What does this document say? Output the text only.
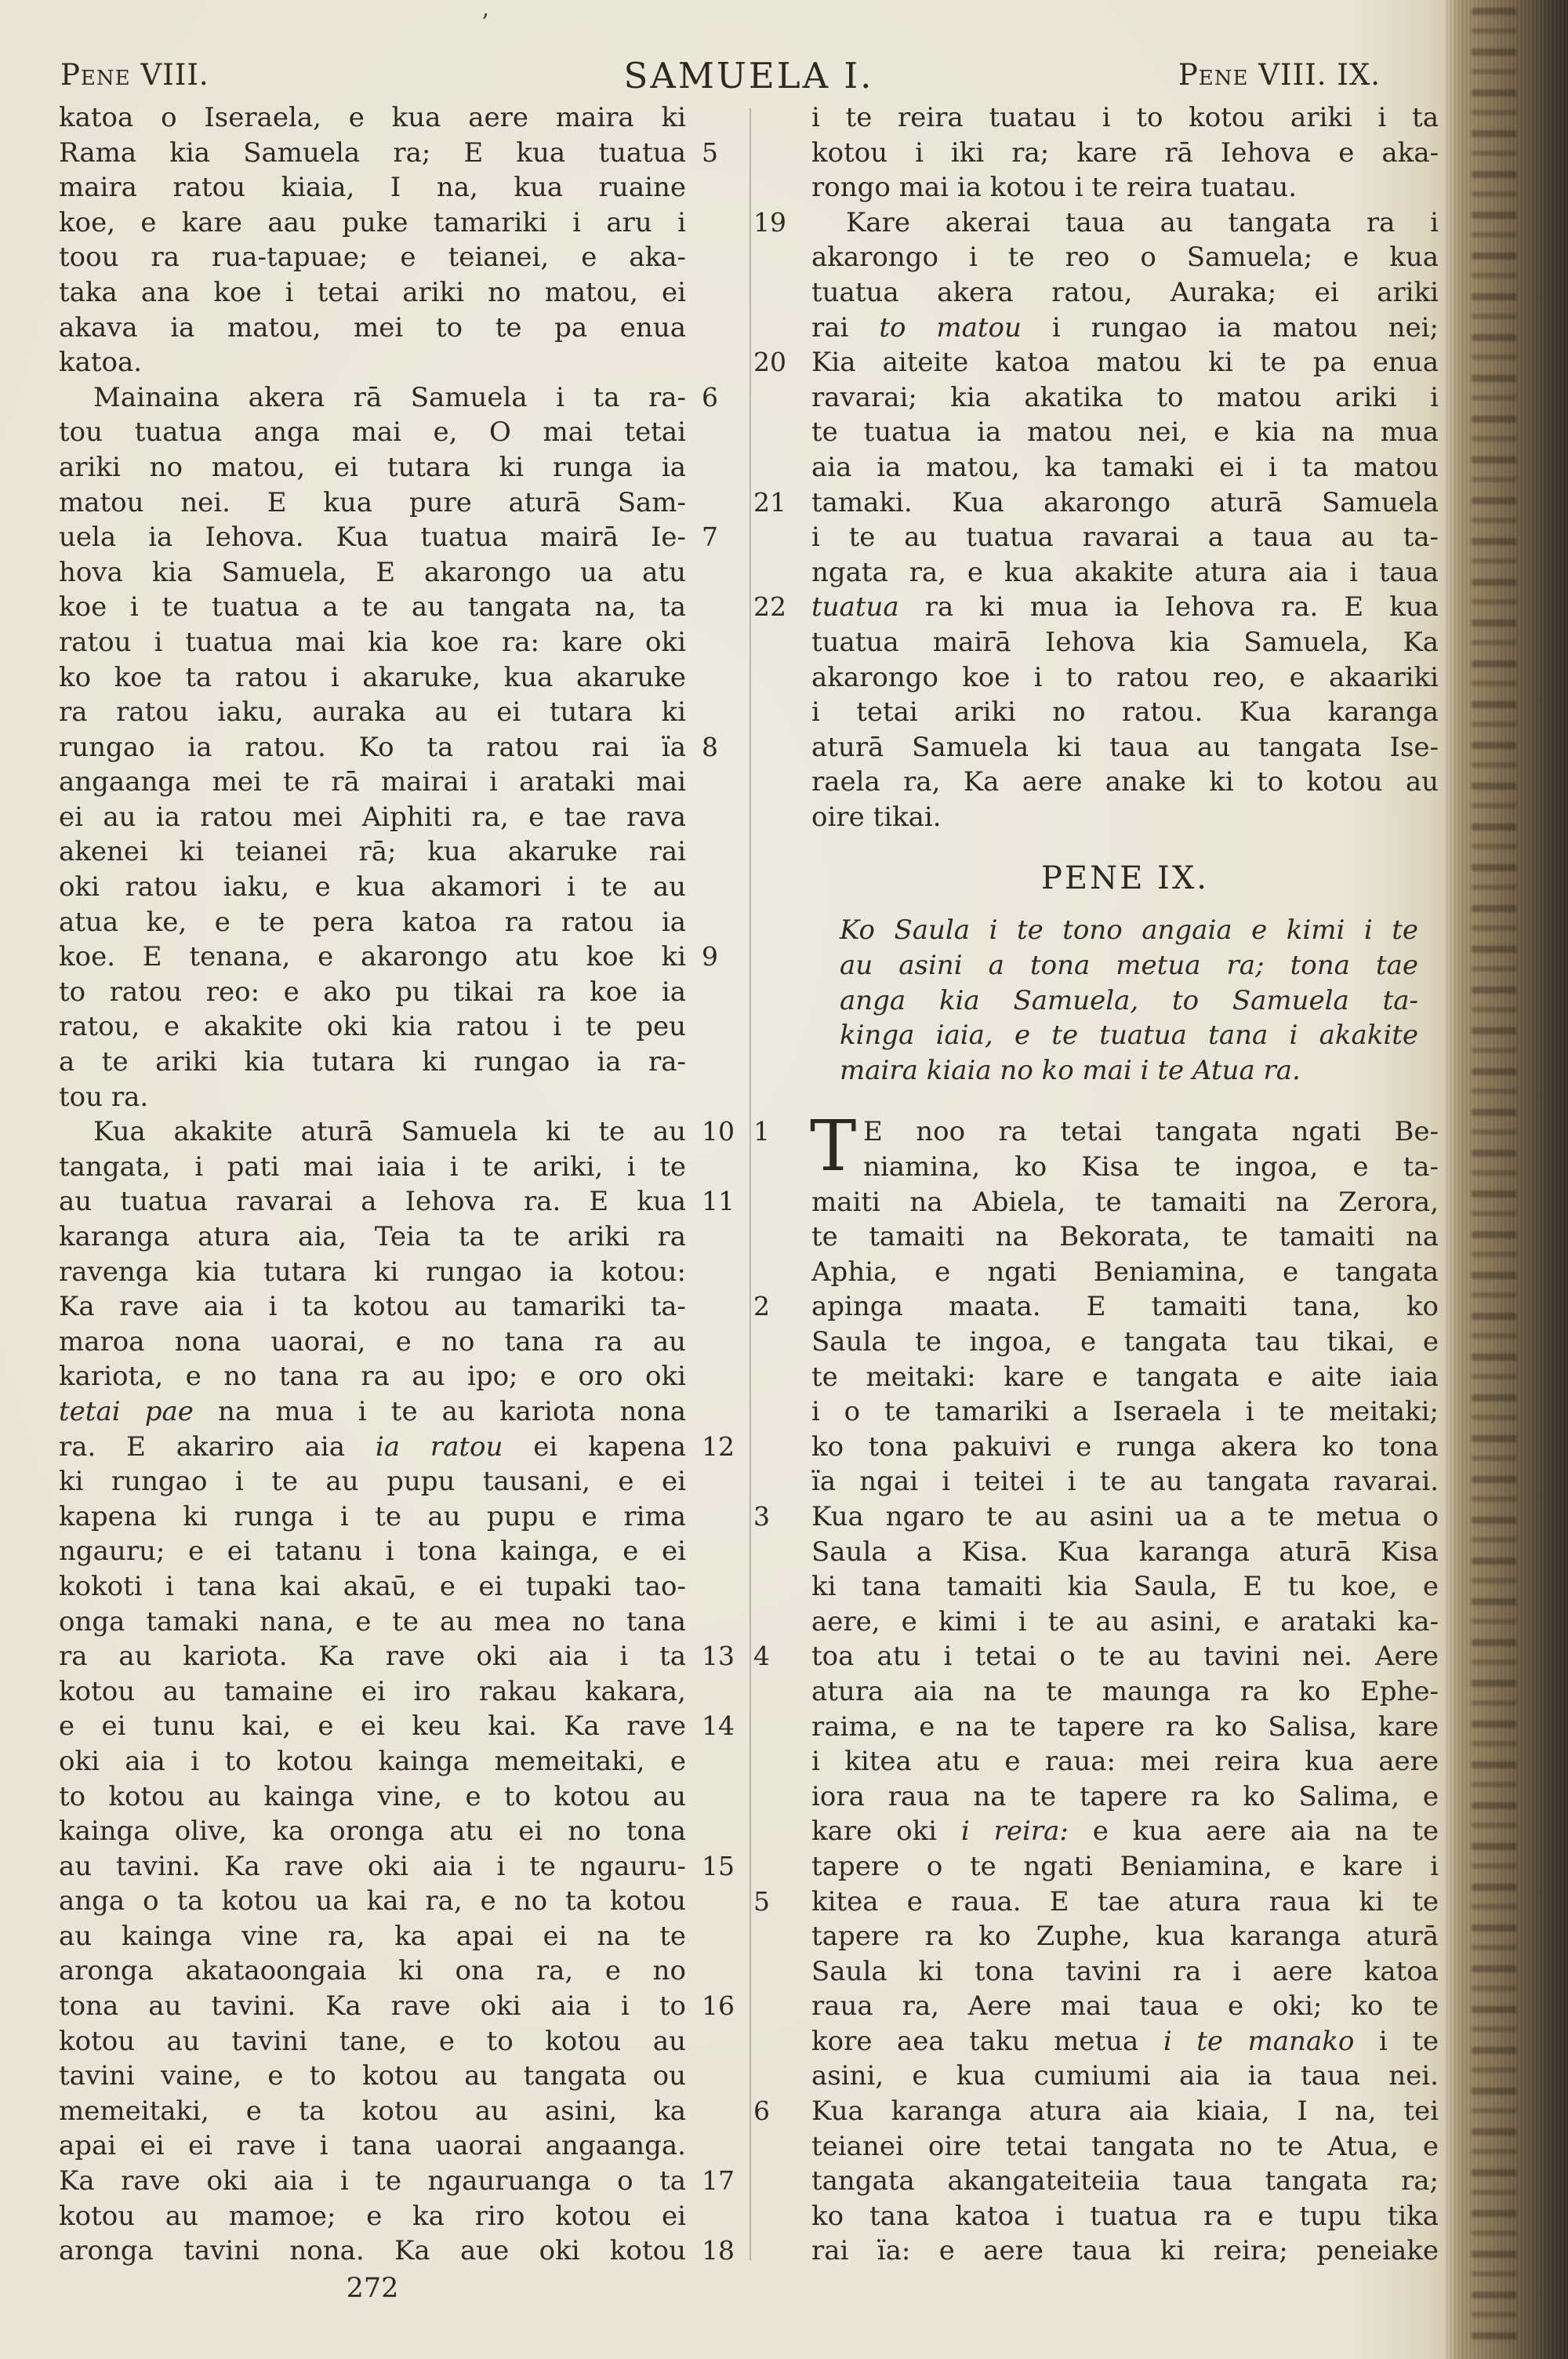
’
Pene VIII.	SAMUELA I.	Pene VIII. IX.
katoa o Iseraela, e kua aere maira ki
Rama kia Samuela ra; E kua tuatua 5
maira ratou kiaia, I na, kua ruaine
koe, e kare aau puke tamariki i aru i
toou ra rua-tapuae; e teianei, e aka-
taka ana koe i tetai ariki no matou, ei
akava ia matou, mei to te pa enua
katoa.
Mainaina akera rā Samuela i ta ra- 6
tou tuatua anga mai e, O mai tetai
ariki no matou, ei tutara ki runga ia
matou nei. E kua pure aturā Sam-
uela ia Iehova. Kua tuatua mairā Ie- 7
hova kia Samuela, E akarongo ua atu
koe i te tuatua a te au tangata na, ta
ratou i tuatua mai kia koe ra: kare oki
ko koe ta ratou i akaruke, kua akaruke
ra ratou iaku, auraka au ei tutara ki
rungao ia ratou. Ko ta ratou rai ïa 8
angaanga mei te rā mairai i arataki mai
ei au ia ratou mei Aiphiti ra, e tae rava
akenei ki teianei rā; kua akaruke rai
oki ratou iaku, e kua akamori i te au
atua ke, e te pera katoa ra ratou ia
koe. E tenana, e akarongo atu koe ki 9
to ratou reo: e ako pu tikai ra koe ia
ratou, e akakite oki kia ratou i te peu
a te ariki kia tutara ki rungao ia ra-
tou ra.
Kua akakite aturā Samuela ki te au 10
tangata, i pati mai iaia i te ariki, i te
au tuatua ravarai a Iehova ra. E kua 11
karanga atura aia, Teia ta te ariki ra
ravenga kia tutara ki rungao ia kotou:
Ka rave aia i ta kotou au tamariki ta-
maroa nona uaorai, e no tana ra au
kariota, e no tana ra au ipo; e oro oki
tetai pae na mua i te au kariota nona
ra. E akariro aia ia ratou ei kapena 12
ki rungao i te au pupu tausani, e ei
kapena ki runga i te au pupu e rima
ngauru; e ei tatanu i tona kainga, e ei
kokoti i tana kai akaū, e ei tupaki tao-
onga tamaki nana, e te au mea no tana
ra au kariota. Ka rave oki aia i ta 13
kotou au tamaine ei iro rakau kakara,
e ei tunu kai, e ei keu kai. Ka rave 14
oki aia i to kotou kainga memeitaki, e
to kotou au kainga vine, e to kotou au
kainga olive, ka oronga atu ei no tona
au tavini. Ka rave oki aia i te ngauru- 15
anga o ta kotou ua kai ra, e no ta kotou
au kainga vine ra, ka apai ei na te
aronga akataoongaia ki ona ra, e no
tona au tavini. Ka rave oki aia i to 16
kotou au tavini tane, e to kotou au
tavini vaine, e to kotou au tangata ou
memeitaki, e ta kotou au asini, ka
apai ei ei rave i tana uaorai angaanga.
Ka rave oki aia i te ngauruanga o ta 17
kotou au mamoe; e ka riro kotou ei
aronga tavini nona. Ka aue oki kotou 18
i te reira tuatau i to kotou ariki i ta
kotou i iki ra; kare rā Iehova e aka-
rongo mai ia kotou i te reira tuatau.
Kare akerai taua au tangata ra i
19
akarongo i te reo o Samuela; e kua
tuatua akera ratou, Auraka; ei ariki
rai to matou i rungao ia matou nei;
Kia aiteite katoa matou ki te pa enua
20
ravarai; kia akatika to matou ariki i
te tuatua ia matou nei, e kia na mua
aia ia matou, ka tamaki ei i ta matou
tamaki. Kua akarongo aturā Samuela
21
i te au tuatua ravarai a taua au ta-
ngata ra, e kua akakite atura aia i taua
tuatua ra ki mua ia Iehova ra. E kua
22
tuatua mairā Iehova kia Samuela, Ka
akarongo koe i to ratou reo, e akaariki
i tetai ariki no ratou. Kua karanga
aturā Samuela ki taua au tangata Ise-
raela ra, Ka aere anake ki to kotou au
oire tikai.
PENE IX.
Ko Saula i te tono angaia e kimi i te
au asini a tona metua ra; tona tae
anga kia Samuela, to Samuela ta-
kinga iaia, e te tuatua tana i akakite
maira kiaia no ko mai i te Atua ra.
T E noo ra tetai tangata ngati Be-
1
niamina, ko Kisa te ingoa, e ta-
maiti na Abiela, te tamaiti na Zerora,
te tamaiti na Bekorata, te tamaiti na
Aphia, e ngati Beniamina, e tangata
apinga maata. E tamaiti tana, ko
2
Saula te ingoa, e tangata tau tikai, e
te meitaki: kare e tangata e aite iaia
i o te tamariki a Iseraela i te meitaki;
ko tona pakuivi e runga akera ko tona
ïa ngai i teitei i te au tangata ravarai.
Kua ngaro te au asini ua a te metua o
3
Saula a Kisa. Kua karanga aturā Kisa
ki tana tamaiti kia Saula, E tu koe, e
aere, e kimi i te au asini, e arataki ka-
toa atu i tetai o te au tavini nei. Aere
4
atura aia na te maunga ra ko Ephe-
raima, e na te tapere ra ko Salisa, kare
i kitea atu e raua: mei reira kua aere
iora raua na te tapere ra ko Salima, e
kare oki i reira: e kua aere aia na te
tapere o te ngati Beniamina, e kare i
kitea e raua. E tae atura raua ki te
5
tapere ra ko Zuphe, kua karanga aturā
Saula ki tona tavini ra i aere katoa
raua ra, Aere mai taua e oki; ko te
kore aea taku metua i te manako i te
asini, e kua cumiumi aia ia taua nei.
Kua karanga atura aia kiaia, I na, tei
6
teianei oire tetai tangata no te Atua, e
tangata akangateiteiia taua tangata ra;
ko tana katoa i tuatua ra e tupu tika
rai ïa: e aere taua ki reira; peneiake
272
